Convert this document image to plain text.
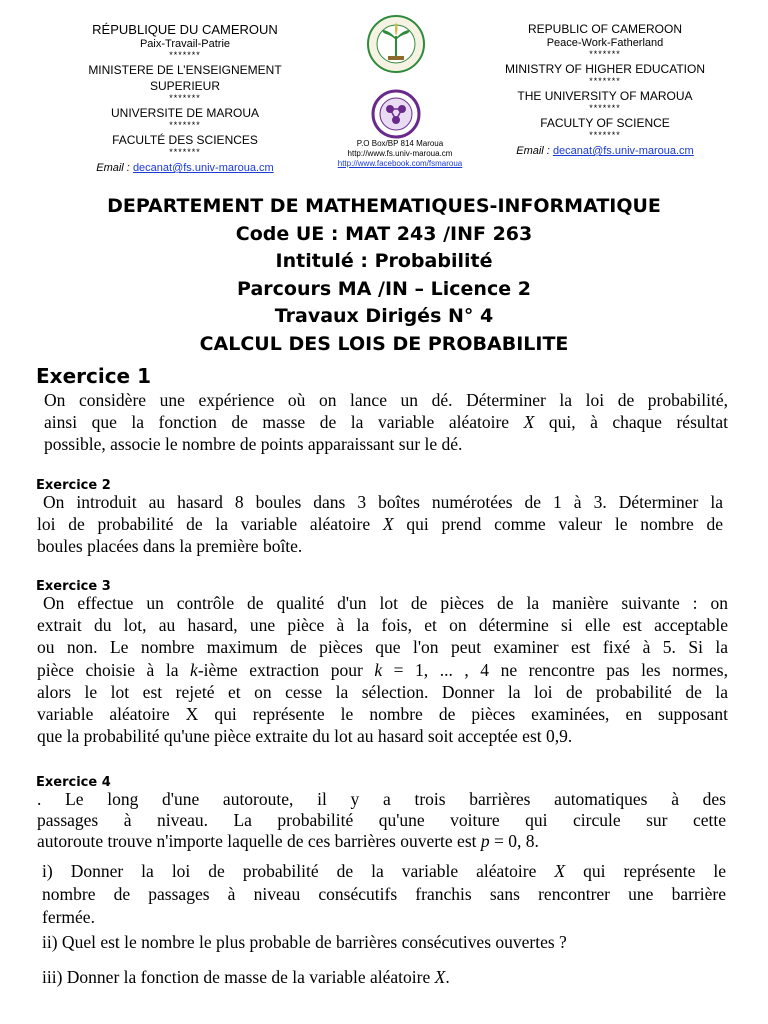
RÉPUBLIQUE DU CAMEROUN
Paix-Travail-Patrie
*******
MINISTERE DE L’ENSEIGNEMENT SUPERIEUR
*******
UNIVERSITE DE MAROUA
*******
FACULTÉ DES SCIENCES
*******
Email : decanat@fs.univ-maroua.cm
P.O Box/BP 814 Maroua
http://www.fs.univ-maroua.cm
http://www.facebook.com/fsmaroua
REPUBLIC OF CAMEROON
Peace-Work-Fatherland
*******
MINISTRY OF HIGHER EDUCATION
*******
THE UNIVERSITY OF MAROUA
*******
FACULTY OF SCIENCE
*******
Email : decanat@fs.univ-maroua.cm
DEPARTEMENT DE MATHEMATIQUES-INFORMATIQUE
Code UE : MAT 243 /INF 263
Intitulé : Probabilité
Parcours MA /IN – Licence 2
Travaux Dirigés N° 4
CALCUL DES LOIS DE PROBABILITE
Exercice 1
On considère une expérience où on lance un dé. Déterminer la loi de probabilité,
ainsi que la fonction de masse de la variable aléatoire X qui, à chaque résultat
possible, associe le nombre de points apparaissant sur le dé.
Exercice 2
On introduit au hasard 8 boules dans 3 boîtes numérotées de 1 à 3. Déterminer la
loi de probabilité de la variable aléatoire X qui prend comme valeur le nombre de
boules placées dans la première boîte.
Exercice 3
On effectue un contrôle de qualité d'un lot de pièces de la manière suivante : on
extrait du lot, au hasard, une pièce à la fois, et on détermine si elle est acceptable
ou non. Le nombre maximum de pièces que l'on peut examiner est fixé à 5. Si la
pièce choisie à la k-ième extraction pour k = 1, ... , 4 ne rencontre pas les normes,
alors le lot est rejeté et on cesse la sélection. Donner la loi de probabilité de la
variable aléatoire X qui représente le nombre de pièces examinées, en supposant
que la probabilité qu'une pièce extraite du lot au hasard soit acceptée est 0,9.
Exercice 4
. Le long d'une autoroute, il y a trois barrières automatiques à des
passages à niveau. La probabilité qu'une voiture qui circule sur cette
autoroute trouve n'importe laquelle de ces barrières ouverte est p = 0, 8.
i) Donner la loi de probabilité de la variable aléatoire X qui représente le
nombre de passages à niveau consécutifs franchis sans rencontrer une barrière
fermée.
ii) Quel est le nombre le plus probable de barrières consécutives ouvertes ?
iii) Donner la fonction de masse de la variable aléatoire X.
